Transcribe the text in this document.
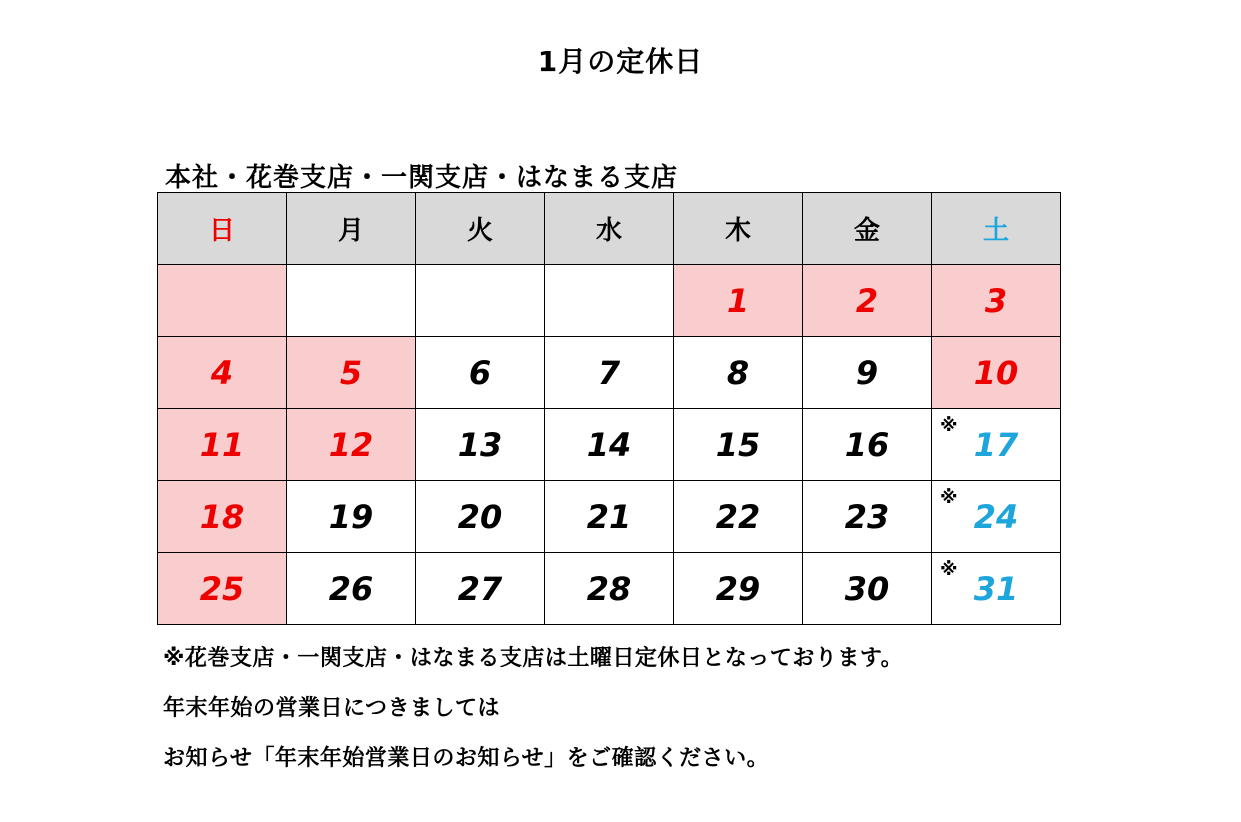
1月の定休日
本社・花巻支店・一関支店・はなまる支店
日	月	火	水	木	金	土
				1	2	3
4	5	6	7	8	9	10
11	12	13	14	15	16	※ 17
18	19	20	21	22	23	※ 24
25	26	27	28	29	30	※ 31
※花巻支店・一関支店・はなまる支店は土曜日定休日となっております。
年末年始の営業日につきましては
お知らせ「年末年始営業日のお知らせ」をご確認ください。
